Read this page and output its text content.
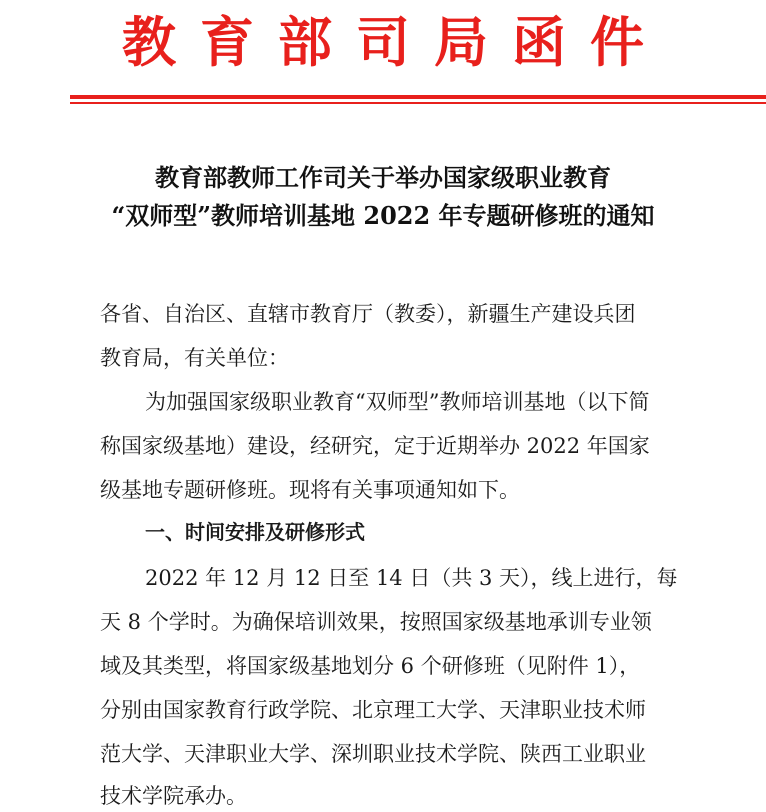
教育部司局函件
教育部教师工作司关于举办国家级职业教育
“双师型”教师培训基地 2022 年专题研修班的通知
各省、自治区、直辖市教育厅（教委），新疆生产建设兵团
教育局，有关单位：
为加强国家级职业教育“双师型”教师培训基地（以下简
称国家级基地）建设，经研究，定于近期举办 2022 年国家
级基地专题研修班。现将有关事项通知如下。
一、时间安排及研修形式
2022 年 12 月 12 日至 14 日（共 3 天），线上进行，每
天 8 个学时。为确保培训效果，按照国家级基地承训专业领
域及其类型，将国家级基地划分 6 个研修班（见附件 1），
分别由国家教育行政学院、北京理工大学、天津职业技术师
范大学、天津职业大学、深圳职业技术学院、陕西工业职业
技术学院承办。
